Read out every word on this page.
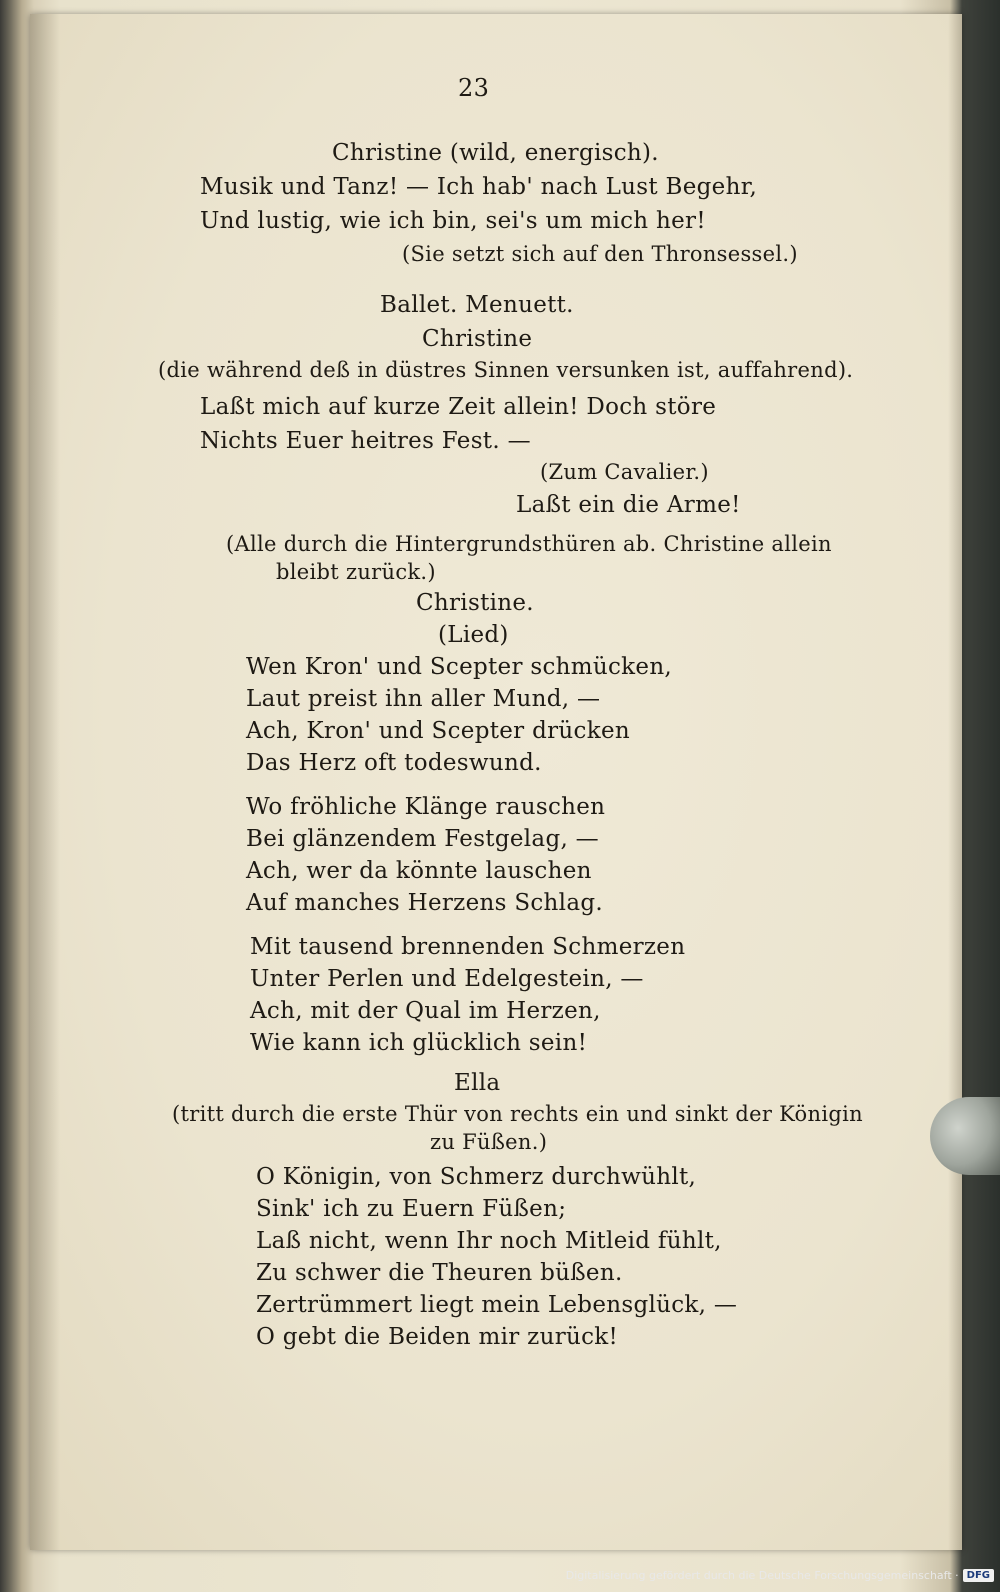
23

Christine (wild, energisch).

Musik und Tanz! — Ich hab' nach Lust Begehr,

Und lustig, wie ich bin, sei's um mich her!

(Sie setzt sich auf den Thronsessel.)

Ballet. Menuett.

Christine

(die während deß in düstres Sinnen versunken ist, auffahrend).

Laßt mich auf kurze Zeit allein! Doch störe

Nichts Euer heitres Fest. —

(Zum Cavalier.)

Laßt ein die Arme!

(Alle durch die Hintergrundsthüren ab. Christine allein

bleibt zurück.)

Christine.

(Lied)

Wen Kron' und Scepter schmücken,

Laut preist ihn aller Mund, —

Ach, Kron' und Scepter drücken

Das Herz oft todeswund.

Wo fröhliche Klänge rauschen

Bei glänzendem Festgelag, —

Ach, wer da könnte lauschen

Auf manches Herzens Schlag.

Mit tausend brennenden Schmerzen

Unter Perlen und Edelgestein, —

Ach, mit der Qual im Herzen,

Wie kann ich glücklich sein!

Ella

(tritt durch die erste Thür von rechts ein und sinkt der Königin

zu Füßen.)

O Königin, von Schmerz durchwühlt,

Sink' ich zu Euern Füßen;

Laß nicht, wenn Ihr noch Mitleid fühlt,

Zu schwer die Theuren büßen.

Zertrümmert liegt mein Lebensglück, —

O gebt die Beiden mir zurück!

Digitalisierung gefördert durch die Deutsche Forschungsgemeinschaft · DFG
